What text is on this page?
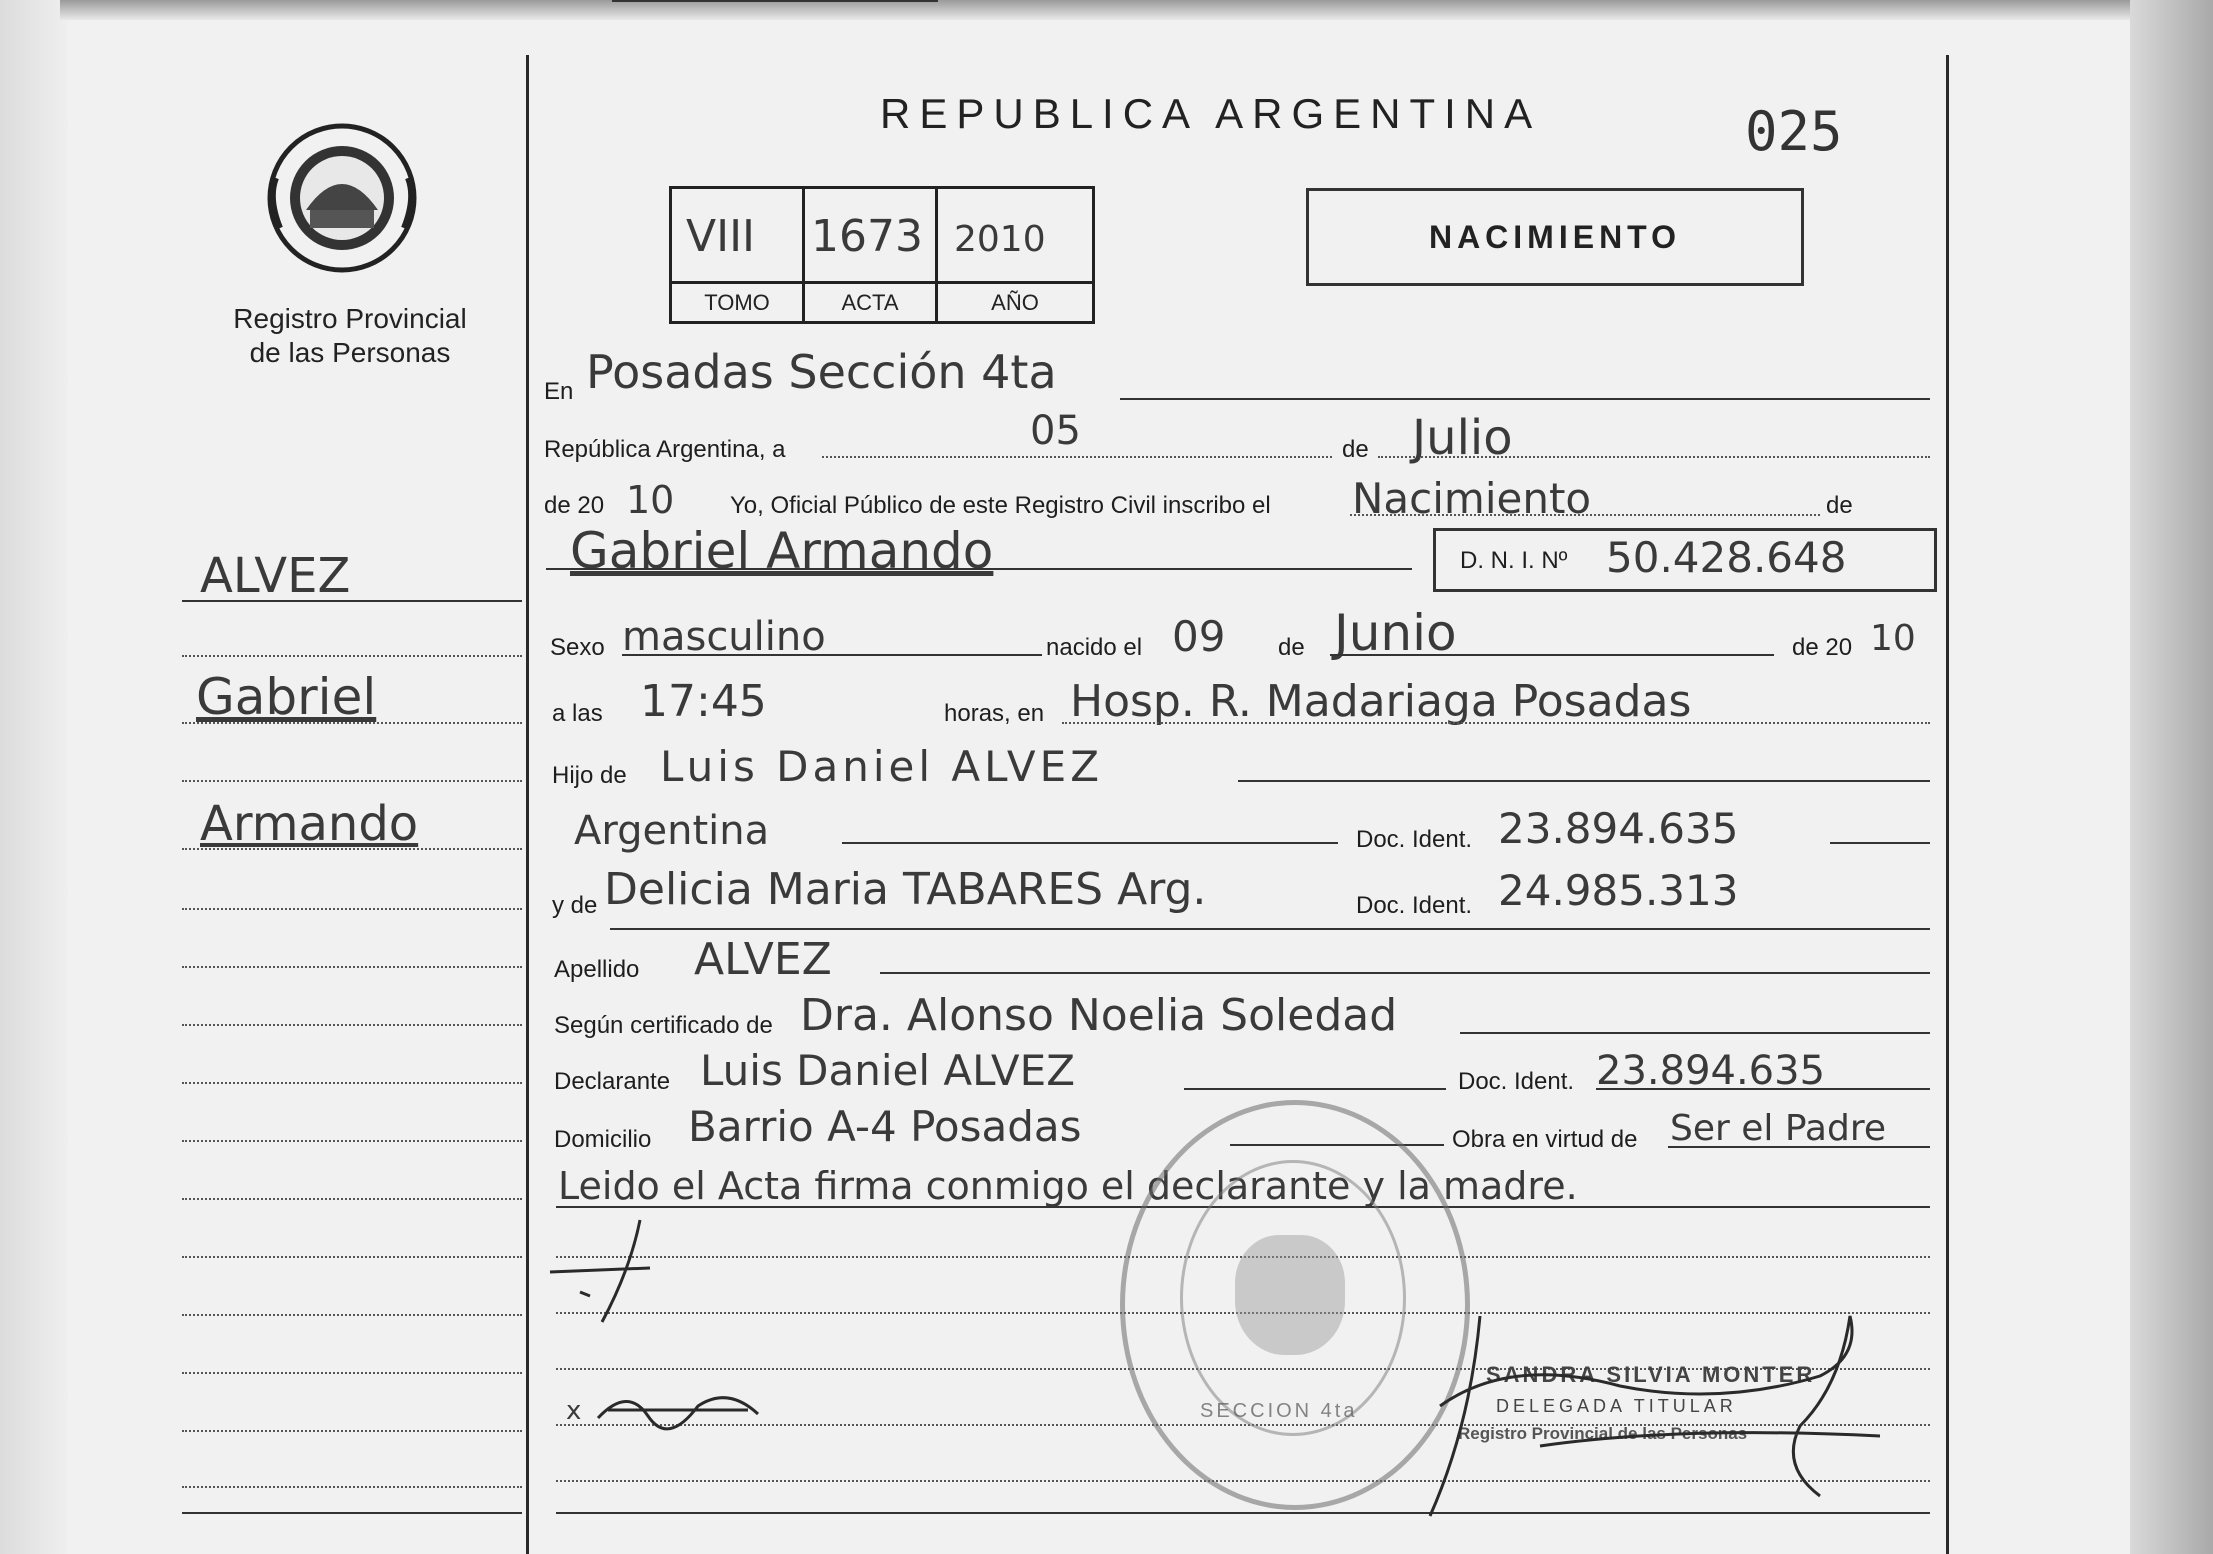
Registro Provincial
de las Personas
REPUBLICA ARGENTINA	025
VIII 1673 2010
TOMO	ACTA	AÑO
NACIMIENTO
ALVEZ
Gabriel
Armando
En Posadas Sección 4ta
República Argentina, a	05	de Julio
de 20 10 Yo, Oficial Público de este Registro Civil inscribo el Nacimiento	de
Gabriel Armando	D. N. I. Nº 50.428.648
Sexo masculino	nacido el 09 de Junio	de 20 10
a las 17:45	horas, en Hosp. R. Madariaga Posadas
Hijo de Luis Daniel ALVEZ
Argentina	Doc. Ident. 23.894.635
y de Delicia Maria TABARES Arg.	Doc. Ident. 24.985.313
Apellido ALVEZ
Según certificado de Dra. Alonso Noelia Soledad
Declarante Luis Daniel ALVEZ	Doc. Ident. 23.894.635
Domicilio Barrio A-4 Posadas	Obra en virtud de Ser el Padre
Leido el Acta firma conmigo el declarante y la madre.
SECCION 4ta
SANDRA SILVIA MONTER
DELEGADA TITULAR
Registro Provincial de las Personas
x
